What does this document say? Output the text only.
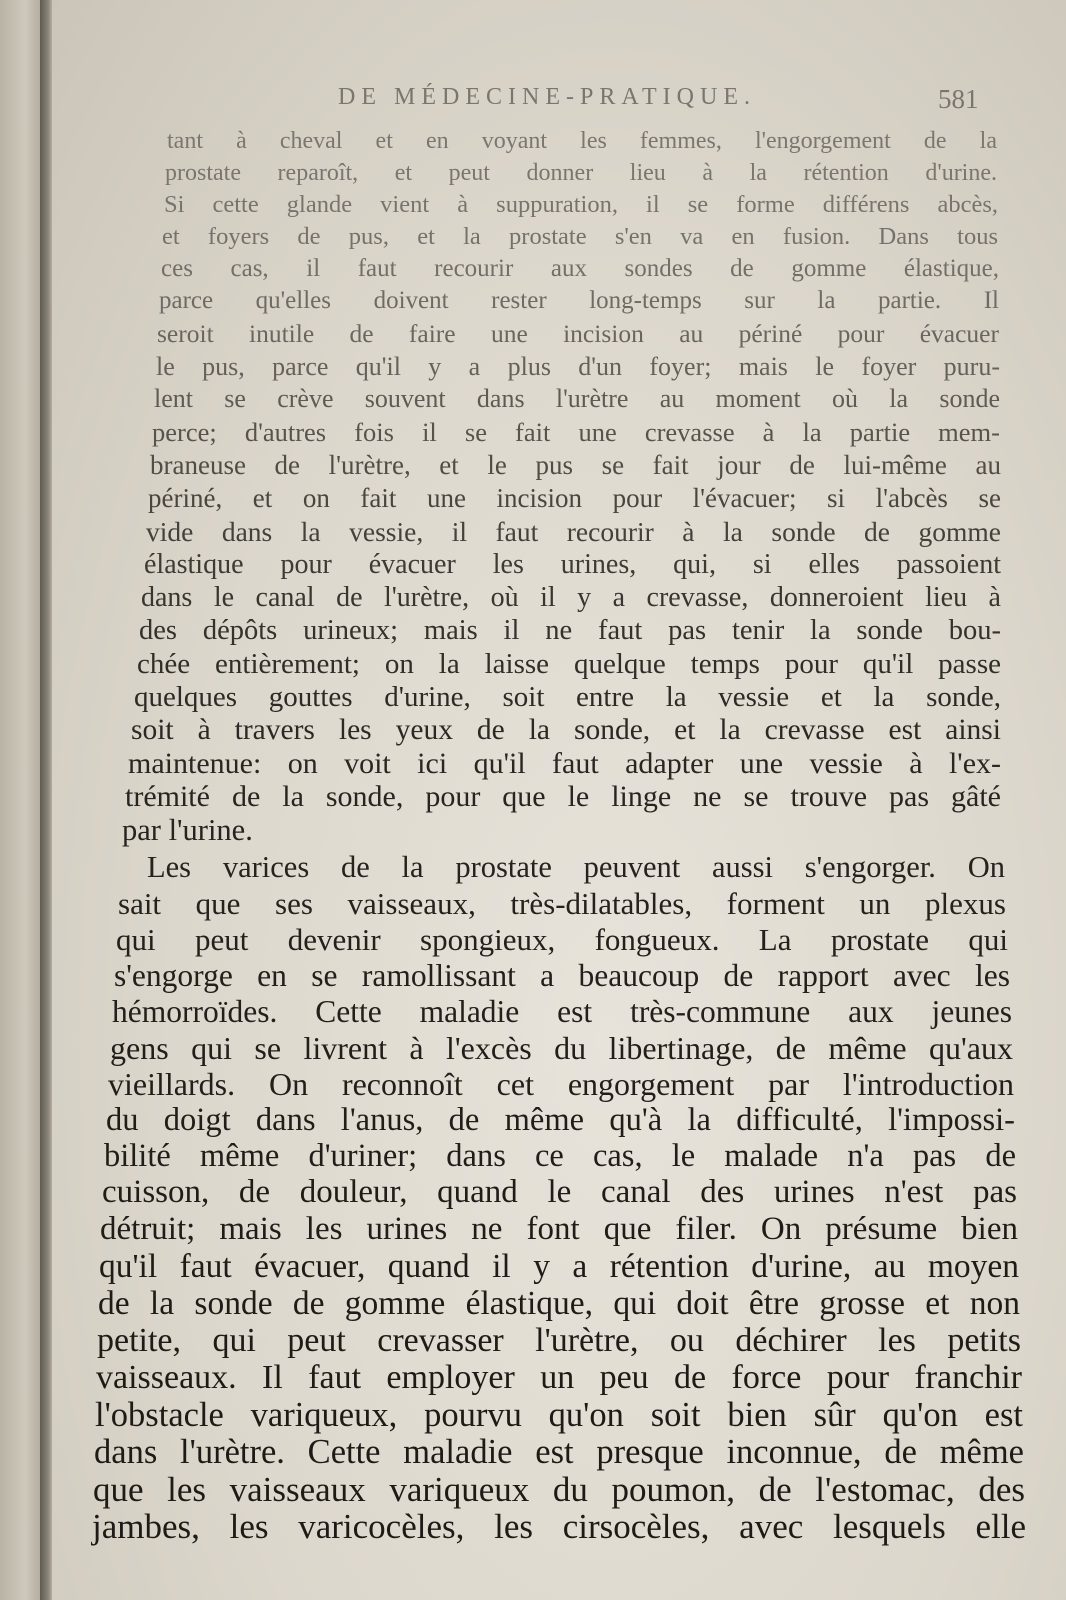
DE MÉDECINE-PRATIQUE.	581
tant à cheval et en voyant les femmes, l'engorgement de la
prostate reparoît, et peut donner lieu à la rétention d'urine.
Si cette glande vient à suppuration, il se forme différens abcès,
et foyers de pus, et la prostate s'en va en fusion. Dans tous
ces cas, il faut recourir aux sondes de gomme élastique,
parce qu'elles doivent rester long-temps sur la partie. Il
seroit inutile de faire une incision au périné pour évacuer
le pus, parce qu'il y a plus d'un foyer; mais le foyer puru-
lent se crève souvent dans l'urètre au moment où la sonde
perce; d'autres fois il se fait une crevasse à la partie mem-
braneuse de l'urètre, et le pus se fait jour de lui-même au
périné, et on fait une incision pour l'évacuer; si l'abcès se
vide dans la vessie, il faut recourir à la sonde de gomme
élastique pour évacuer les urines, qui, si elles passoient
dans le canal de l'urètre, où il y a crevasse, donneroient lieu à
des dépôts urineux; mais il ne faut pas tenir la sonde bou-
chée entièrement; on la laisse quelque temps pour qu'il passe
quelques gouttes d'urine, soit entre la vessie et la sonde,
soit à travers les yeux de la sonde, et la crevasse est ainsi
maintenue: on voit ici qu'il faut adapter une vessie à l'ex-
trémité de la sonde, pour que le linge ne se trouve pas gâté
par l'urine.
Les varices de la prostate peuvent aussi s'engorger. On
sait que ses vaisseaux, très-dilatables, forment un plexus
qui peut devenir spongieux, fongueux. La prostate qui
s'engorge en se ramollissant a beaucoup de rapport avec les
hémorroïdes. Cette maladie est très-commune aux jeunes
gens qui se livrent à l'excès du libertinage, de même qu'aux
vieillards. On reconnoît cet engorgement par l'introduction
du doigt dans l'anus, de même qu'à la difficulté, l'impossi-
bilité même d'uriner; dans ce cas, le malade n'a pas de
cuisson, de douleur, quand le canal des urines n'est pas
détruit; mais les urines ne font que filer. On présume bien
qu'il faut évacuer, quand il y a rétention d'urine, au moyen
de la sonde de gomme élastique, qui doit être grosse et non
petite, qui peut crevasser l'urètre, ou déchirer les petits
vaisseaux. Il faut employer un peu de force pour franchir
l'obstacle variqueux, pourvu qu'on soit bien sûr qu'on est
dans l'urètre. Cette maladie est presque inconnue, de même
que les vaisseaux variqueux du poumon, de l'estomac, des
jambes, les varicocèles, les cirsocèles, avec lesquels elle
